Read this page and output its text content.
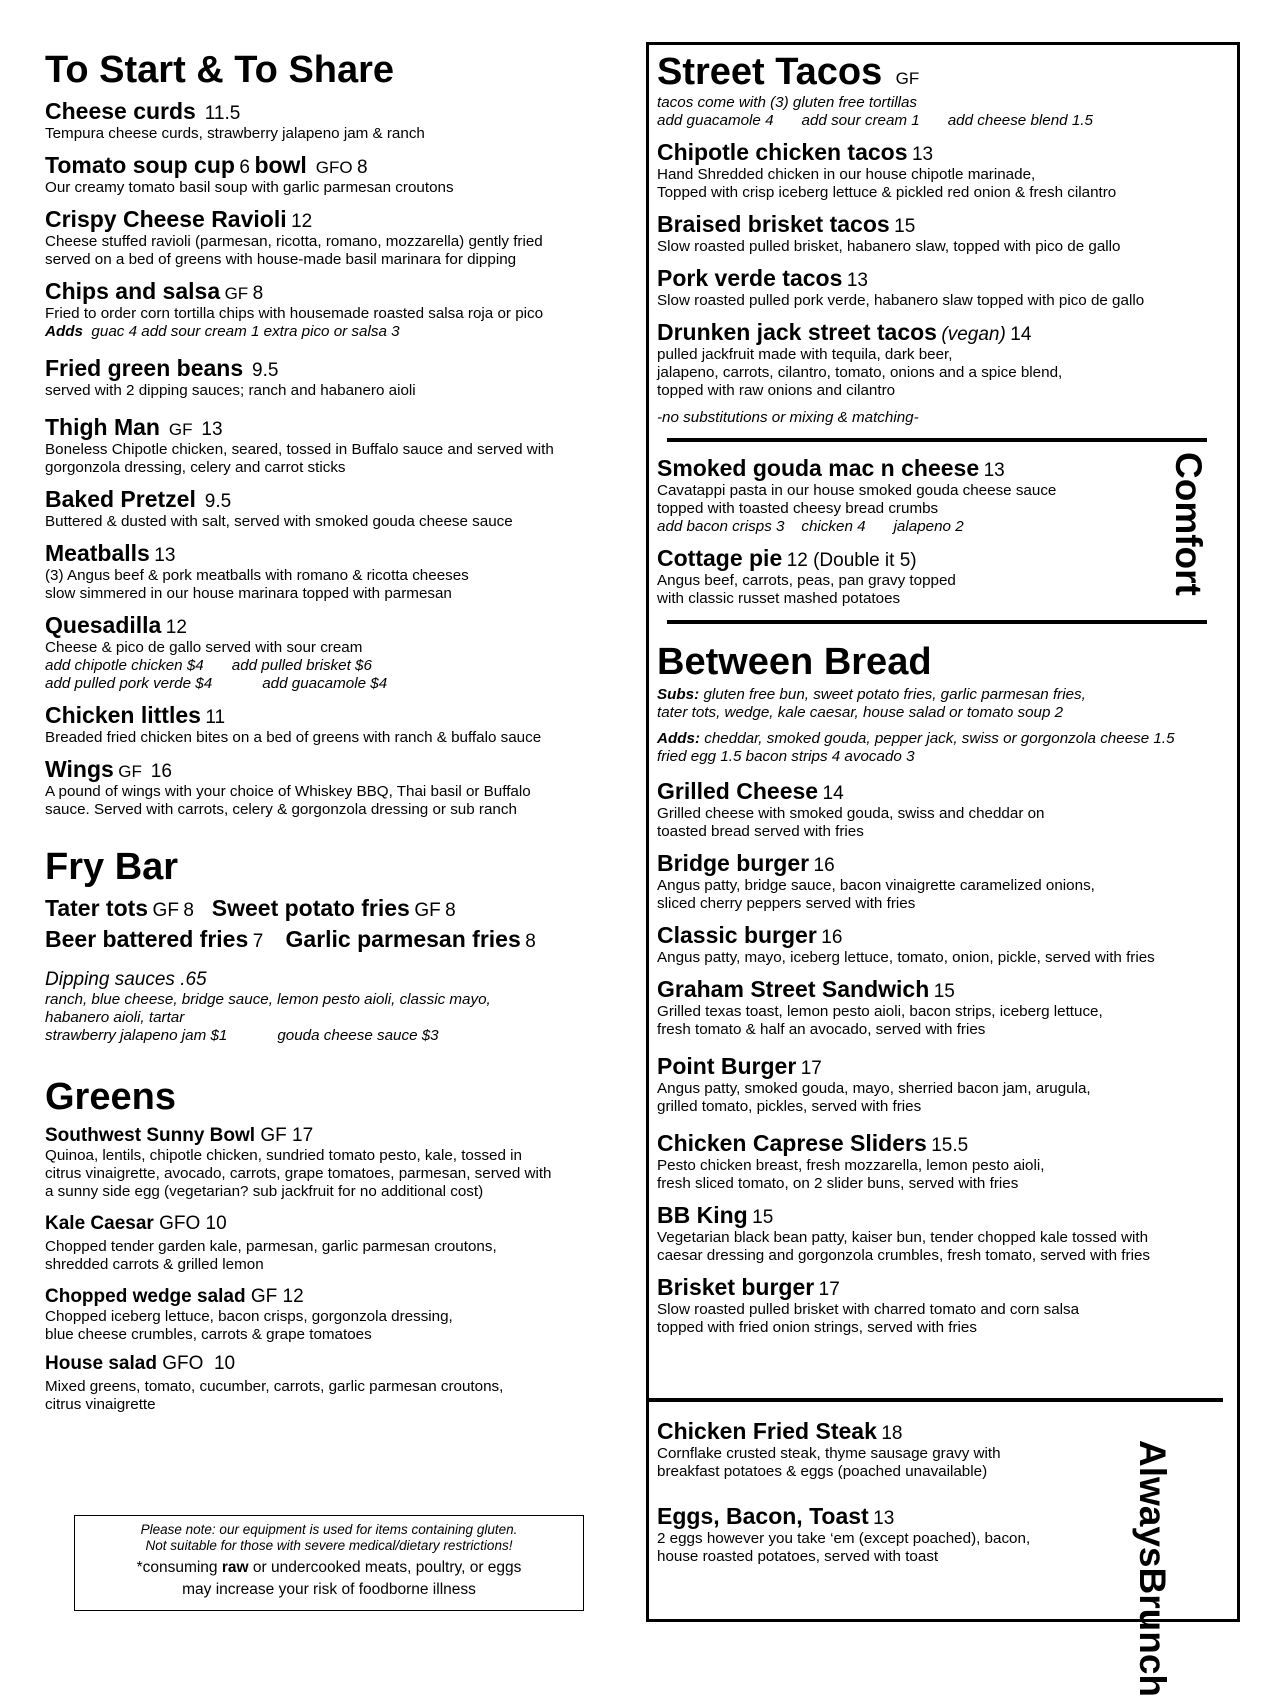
To Start & To Share
Cheese curds 11.5
Tempura cheese curds, strawberry jalapeno jam & ranch
Tomato soup cup 6 bowl GFO 8
Our creamy tomato basil soup with garlic parmesan croutons
Crispy Cheese Ravioli 12
Cheese stuffed ravioli (parmesan, ricotta, romano, mozzarella) gently fried
served on a bed of greens with house-made basil marinara for dipping
Chips and salsa GF 8
Fried to order corn tortilla chips with housemade roasted salsa roja or pico
Adds guac 4 add sour cream 1 extra pico or salsa 3
Fried green beans 9.5
served with 2 dipping sauces; ranch and habanero aioli
Thigh Man GF 13
Boneless Chipotle chicken, seared, tossed in Buffalo sauce and served with
gorgonzola dressing, celery and carrot sticks
Baked Pretzel 9.5
Buttered & dusted with salt, served with smoked gouda cheese sauce
Meatballs 13
(3) Angus beef & pork meatballs with romano & ricotta cheeses
slow simmered in our house marinara topped with parmesan
Quesadilla 12
Cheese & pico de gallo served with sour cream
add chipotle chicken $4 add pulled brisket $6
add pulled pork verde $4	add guacamole $4
Chicken littles 11
Breaded fried chicken bites on a bed of greens with ranch & buffalo sauce
Wings GF 16
A pound of wings with your choice of Whiskey BBQ, Thai basil or Buffalo
sauce. Served with carrots, celery & gorgonzola dressing or sub ranch
Fry Bar
Tater tots GF 8 Sweet potato fries GF 8
Beer battered fries 7 Garlic parmesan fries 8
Dipping sauces .65
ranch, blue cheese, bridge sauce, lemon pesto aioli, classic mayo,
habanero aioli, tartar
strawberry jalapeno jam $1	gouda cheese sauce $3
Greens
Southwest Sunny Bowl GF 17
Quinoa, lentils, chipotle chicken, sundried tomato pesto, kale, tossed in
citrus vinaigrette, avocado, carrots, grape tomatoes, parmesan, served with
a sunny side egg (vegetarian? sub jackfruit for no additional cost)
Kale Caesar GFO 10
Chopped tender garden kale, parmesan, garlic parmesan croutons,
shredded carrots & grilled lemon
Chopped wedge salad GF 12
Chopped iceberg lettuce, bacon crisps, gorgonzola dressing,
blue cheese crumbles, carrots & grape tomatoes
House salad GFO 10
Mixed greens, tomato, cucumber, carrots, garlic parmesan croutons,
citrus vinaigrette
Please note: our equipment is used for items containing gluten.
Not suitable for those with severe medical/dietary restrictions!
*consuming raw or undercooked meats, poultry, or eggs
may increase your risk of foodborne illness
Street Tacos GF
tacos come with (3) gluten free tortillas
add guacamole 4 add sour cream 1 add cheese blend 1.5
Chipotle chicken tacos 13
Hand Shredded chicken in our house chipotle marinade,
Topped with crisp iceberg lettuce & pickled red onion & fresh cilantro
Braised brisket tacos 15
Slow roasted pulled brisket, habanero slaw, topped with pico de gallo
Pork verde tacos 13
Slow roasted pulled pork verde, habanero slaw topped with pico de gallo
Drunken jack street tacos (vegan) 14
pulled jackfruit made with tequila, dark beer,
jalapeno, carrots, cilantro, tomato, onions and a spice blend,
topped with raw onions and cilantro
-no substitutions or mixing & matching-
Smoked gouda mac n cheese 13
Cavatappi pasta in our house smoked gouda cheese sauce
topped with toasted cheesy bread crumbs
add bacon crisps 3 chicken 4 jalapeno 2
Cottage pie 12 (Double it 5)
Angus beef, carrots, peas, pan gravy topped
with classic russet mashed potatoes
Comfort
Between Bread
Subs: gluten free bun, sweet potato fries, garlic parmesan fries,
tater tots, wedge, kale caesar, house salad or tomato soup 2
Adds: cheddar, smoked gouda, pepper jack, swiss or gorgonzola cheese 1.5
fried egg 1.5 bacon strips 4 avocado 3
Grilled Cheese 14
Grilled cheese with smoked gouda, swiss and cheddar on
toasted bread served with fries
Bridge burger 16
Angus patty, bridge sauce, bacon vinaigrette caramelized onions,
sliced cherry peppers served with fries
Classic burger 16
Angus patty, mayo, iceberg lettuce, tomato, onion, pickle, served with fries
Graham Street Sandwich 15
Grilled texas toast, lemon pesto aioli, bacon strips, iceberg lettuce,
fresh tomato & half an avocado, served with fries
Point Burger 17
Angus patty, smoked gouda, mayo, sherried bacon jam, arugula,
grilled tomato, pickles, served with fries
Chicken Caprese Sliders 15.5
Pesto chicken breast, fresh mozzarella, lemon pesto aioli,
fresh sliced tomato, on 2 slider buns, served with fries
BB King 15
Vegetarian black bean patty, kaiser bun, tender chopped kale tossed with
caesar dressing and gorgonzola crumbles, fresh tomato, served with fries
Brisket burger 17
Slow roasted pulled brisket with charred tomato and corn salsa
topped with fried onion strings, served with fries
Chicken Fried Steak 18
Cornflake crusted steak, thyme sausage gravy with
breakfast potatoes & eggs (poached unavailable)
Eggs, Bacon, Toast 13
2 eggs however you take ‘em (except poached), bacon,
house roasted potatoes, served with toast	AlwaysBrunch
